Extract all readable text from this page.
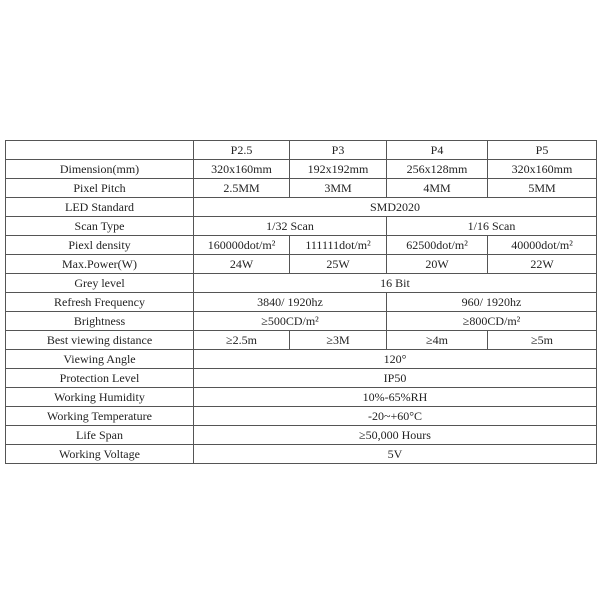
	P2.5	P3	P4	P5
Dimension(mm)	320x160mm	192x192mm	256x128mm	320x160mm
Pixel Pitch	2.5MM	3MM	4MM	5MM
LED Standard	SMD2020			
Scan Type	1/32 Scan		1/16 Scan	
Piexl density	160000dot/m²	111111dot/m²	62500dot/m²	40000dot/m²
Max.Power(W)	24W	25W	20W	22W
Grey level	16 Bit			
Refresh Frequency	3840/ 1920hz		960/ 1920hz	
Brightness	≥500CD/m²		≥800CD/m²	
Best viewing distance	≥2.5m	≥3M	≥4m	≥5m
Viewing Angle	120°			
Protection Level	IP50			
Working Humidity	10%-65%RH			
Working Temperature	-20~+60°C			
Life Span	≥50,000 Hours			
Working Voltage	5V			
